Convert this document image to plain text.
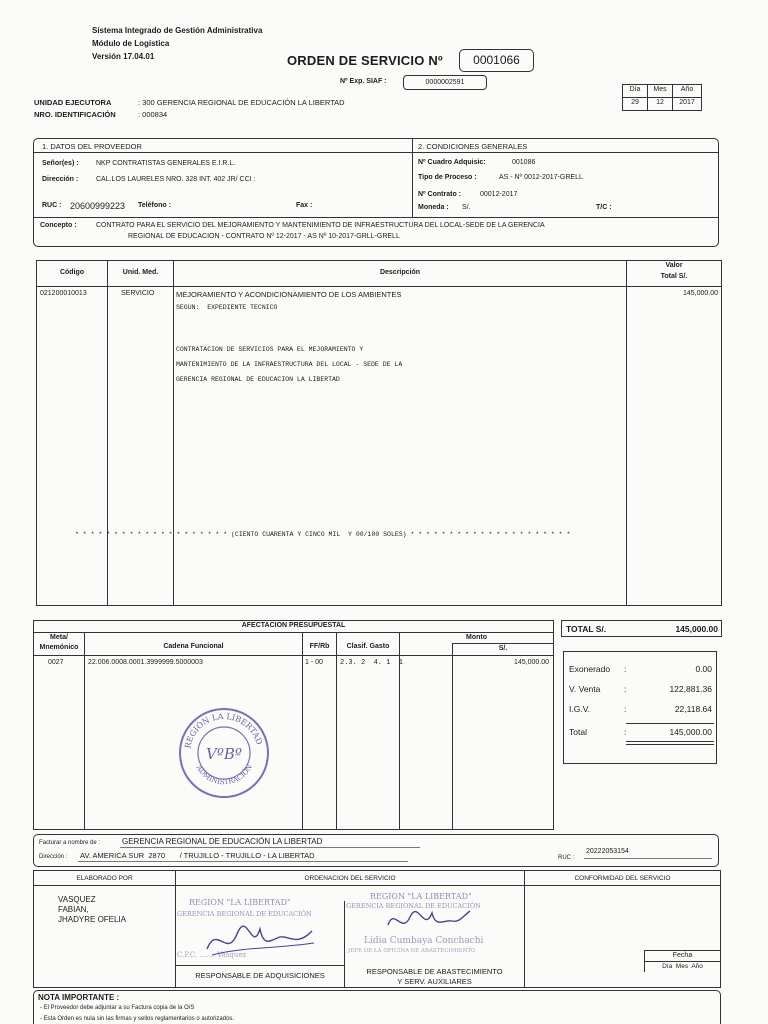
Sistema Integrado de Gestión Administrativa
Módulo de Logística
Versión 17.04.01	ORDEN DE SERVICIO Nº	0001066
Nº Exp. SIAF :	0000002591
Día	Mes	Año
29	12	2017
UNIDAD EJECUTORA	: 300 GERENCIA REGIONAL DE EDUCACIÓN LA LIBERTAD
NRO. IDENTIFICACIÓN	: 000834
1. DATOS DEL PROVEEDOR	2. CONDICIONES GENERALES
Señor(es) : NKP CONTRATISTAS GENERALES E.I.R.L.
Dirección :	CAL.LOS LAURELES NRO. 328 INT. 402 JR/ CCI :
RUC : 20600999223 Teléfono :	Fax :
Nº Cuadro Adquisic:	001086
Tipo de Proceso :	AS - Nº 0012-2017-GRELL
Nº Contrato :	00012-2017
Moneda : S/.	T/C :
Concepto :	CONTRATO PARA EL SERVICIO DEL MEJORAMIENTO Y MANTENIMIENTO DE INFRAESTRUCTURA DEL LOCAL-SEDE DE LA GERENCIA
REGIONAL DE EDUCACION - CONTRATO Nº 12-2017 - AS Nº 10-2017-GRLL-GRELL
Código	Unid. Med.	Descripción
Valor
Total S/.
021200010013	SERVICIO	MEJORAMIENTO Y ACONDICIONAMIENTO DE LOS AMBIENTES
SEGUN:  EXPEDIENTE TECNICO
CONTRATACION DE SERVICIOS PARA EL MEJORAMIENTO Y
MANTENIMIENTO DE LA INFRAESTRUCTURA DEL LOCAL - SEDE DE LA
GERENCIA REGIONAL DE EDUCACION LA LIBERTAD
145,000.00
* * * * * * * * * * * * * * * * * * * * (CIENTO CUARENTA Y CINCO MIL  Y 00/100 SOLES) * * * * * * * * * * * * * * * * * * * * *
AFECTACION PRESUPUESTAL
Meta/
Mnemónico	Cadena Funcional	FF/Rb	Clasif. Gasto
Monto
S/.
0027	22.006.0008.0001.3999999.5000003	1 - 00 2.3. 2  4. 1  1	145,000.00
REGIÓN LA LIBERTAD
ADMINISTRACIÓN
VºBº
TOTAL S/.	145,000.00
Exonerado :	0.00
V. Venta	:	122,881.36
I.G.V.	:	22,118.64
Total	:	145,000.00
Facturar a nombre de :	GERENCIA REGIONAL DE EDUCACIÓN LA LIBERTAD
Dirección : AV. AMERICA SUR  2870       / TRUJILLO - TRUJILLO - LA LIBERTAD	RUC :
20222053154
ELABORADO POR	ORDENACION DEL SERVICIO	CONFORMIDAD DEL SERVICIO
VASQUEZ
FABIAN,
JHADYRE OFELIA
REGIÓN "LA LIBERTAD"
GERENCIA REGIONAL DE EDUCACIÓN
C.P.C. ....... Vasquez
RESPONSABLE DE ADQUISICIONES
REGIÓN "LA LIBERTAD"
GERENCIA REGIONAL DE EDUCACIÓN
Lidia Cumbaya Conchachi
JEFE DE LA OFICINA DE ABASTECIMIENTO
RESPONSABLE DE ABASTECIMIENTO
Y SERV. AUXILIARES
Fecha
Día  Mes  Año
NOTA IMPORTANTE :
- El Proveedor debe adjuntar a su Factura copia de la O/S
- Esta Orden es nula sin las firmas y sellos reglamentarios o autorizados.
